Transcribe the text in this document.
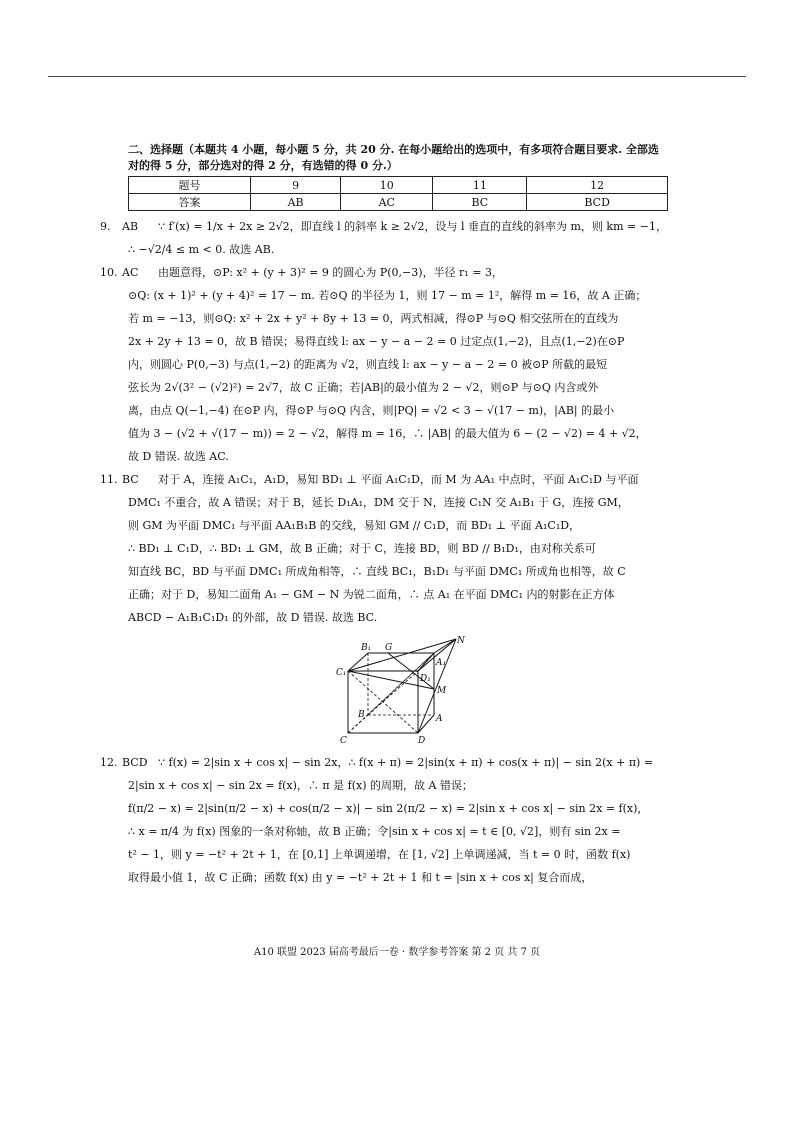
二、选择题（本题共 4 小题，每小题 5 分，共 20 分. 在每小题给出的选项中，有多项符合题目要求. 全部选对的得 5 分，部分选对的得 2 分，有选错的得 0 分.）
题号	9	10	11	12
答案	AB	AC	BC	BCD

9. AB ∵ f′(x) = 1/x + 2x ≥ 2√2，即直线 l 的斜率 k ≥ 2√2，设与 l 垂直的直线的斜率为 m，则 km = −1，

∴ −√2/4 ≤ m < 0. 故选 AB.

10. AC 由题意得，⊙P: x² + (y + 3)² = 9 的圆心为 P(0,−3)，半径 r₁ = 3，

⊙Q: (x + 1)² + (y + 4)² = 17 − m. 若⊙Q 的半径为 1，则 17 − m = 1²，解得 m = 16，故 A 正确；

若 m = −13，则⊙Q: x² + 2x + y² + 8y + 13 = 0，两式相减，得⊙P 与⊙Q 相交弦所在的直线为

2x + 2y + 13 = 0，故 B 错误；易得直线 l: ax − y − a − 2 = 0 过定点(1,−2)，且点(1,−2)在⊙P

内，则圆心 P(0,−3) 与点(1,−2) 的距离为 √2，则直线 l: ax − y − a − 2 = 0 被⊙P 所截的最短

弦长为 2√(3² − (√2)²) = 2√7，故 C 正确；若|AB|的最小值为 2 − √2，则⊙P 与⊙Q 内含或外

离，由点 Q(−1,−4) 在⊙P 内，得⊙P 与⊙Q 内含，则|PQ| = √2 < 3 − √(17 − m)，|AB| 的最小

值为 3 − (√2 + √(17 − m)) = 2 − √2，解得 m = 16，∴ |AB| 的最大值为 6 − (2 − √2) = 4 + √2，

故 D 错误. 故选 AC.

11. BC 对于 A，连接 A₁C₁，A₁D，易知 BD₁ ⊥ 平面 A₁C₁D，而 M 为 AA₁ 中点时，平面 A₁C₁D 与平面

DMC₁ 不重合，故 A 错误；对于 B，延长 D₁A₁，DM 交于 N，连接 C₁N 交 A₁B₁ 于 G，连接 GM，

则 GM 为平面 DMC₁ 与平面 AA₁B₁B 的交线，易知 GM // C₁D，而 BD₁ ⊥ 平面 A₁C₁D，

∴ BD₁ ⊥ C₁D，∴ BD₁ ⊥ GM，故 B 正确；对于 C，连接 BD，则 BD // B₁D₁，由对称关系可

知直线 BC，BD 与平面 DMC₁ 所成角相等，∴ 直线 BC₁，B₁D₁ 与平面 DMC₁ 所成角也相等，故 C

正确；对于 D，易知二面角 A₁ − GM − N 为锐二面角，∴ 点 A₁ 在平面 DMC₁ 内的射影在正方体

ABCD − A₁B₁C₁D₁ 的外部，故 D 错误. 故选 BC.

B₁ G
A₁
N
C₁
D₁
M
B	A
C	D

12. BCD ∵ f(x) = 2|sin x + cos x| − sin 2x，∴ f(x + π) = 2|sin(x + π) + cos(x + π)| − sin 2(x + π) =

2|sin x + cos x| − sin 2x = f(x)，∴ π 是 f(x) 的周期，故 A 错误；

f(π/2 − x) = 2|sin(π/2 − x) + cos(π/2 − x)| − sin 2(π/2 − x) = 2|sin x + cos x| − sin 2x = f(x)，

∴ x = π/4 为 f(x) 图象的一条对称轴，故 B 正确；令|sin x + cos x| = t ∈ [0, √2]，则有 sin 2x =

t² − 1，则 y = −t² + 2t + 1，在 [0,1] 上单调递增，在 [1, √2] 上单调递减，当 t = 0 时，函数 f(x)

取得最小值 1，故 C 正确；函数 f(x) 由 y = −t² + 2t + 1 和 t = |sin x + cos x| 复合而成，

A10 联盟 2023 届高考最后一卷 · 数学参考答案 第 2 页 共 7 页
